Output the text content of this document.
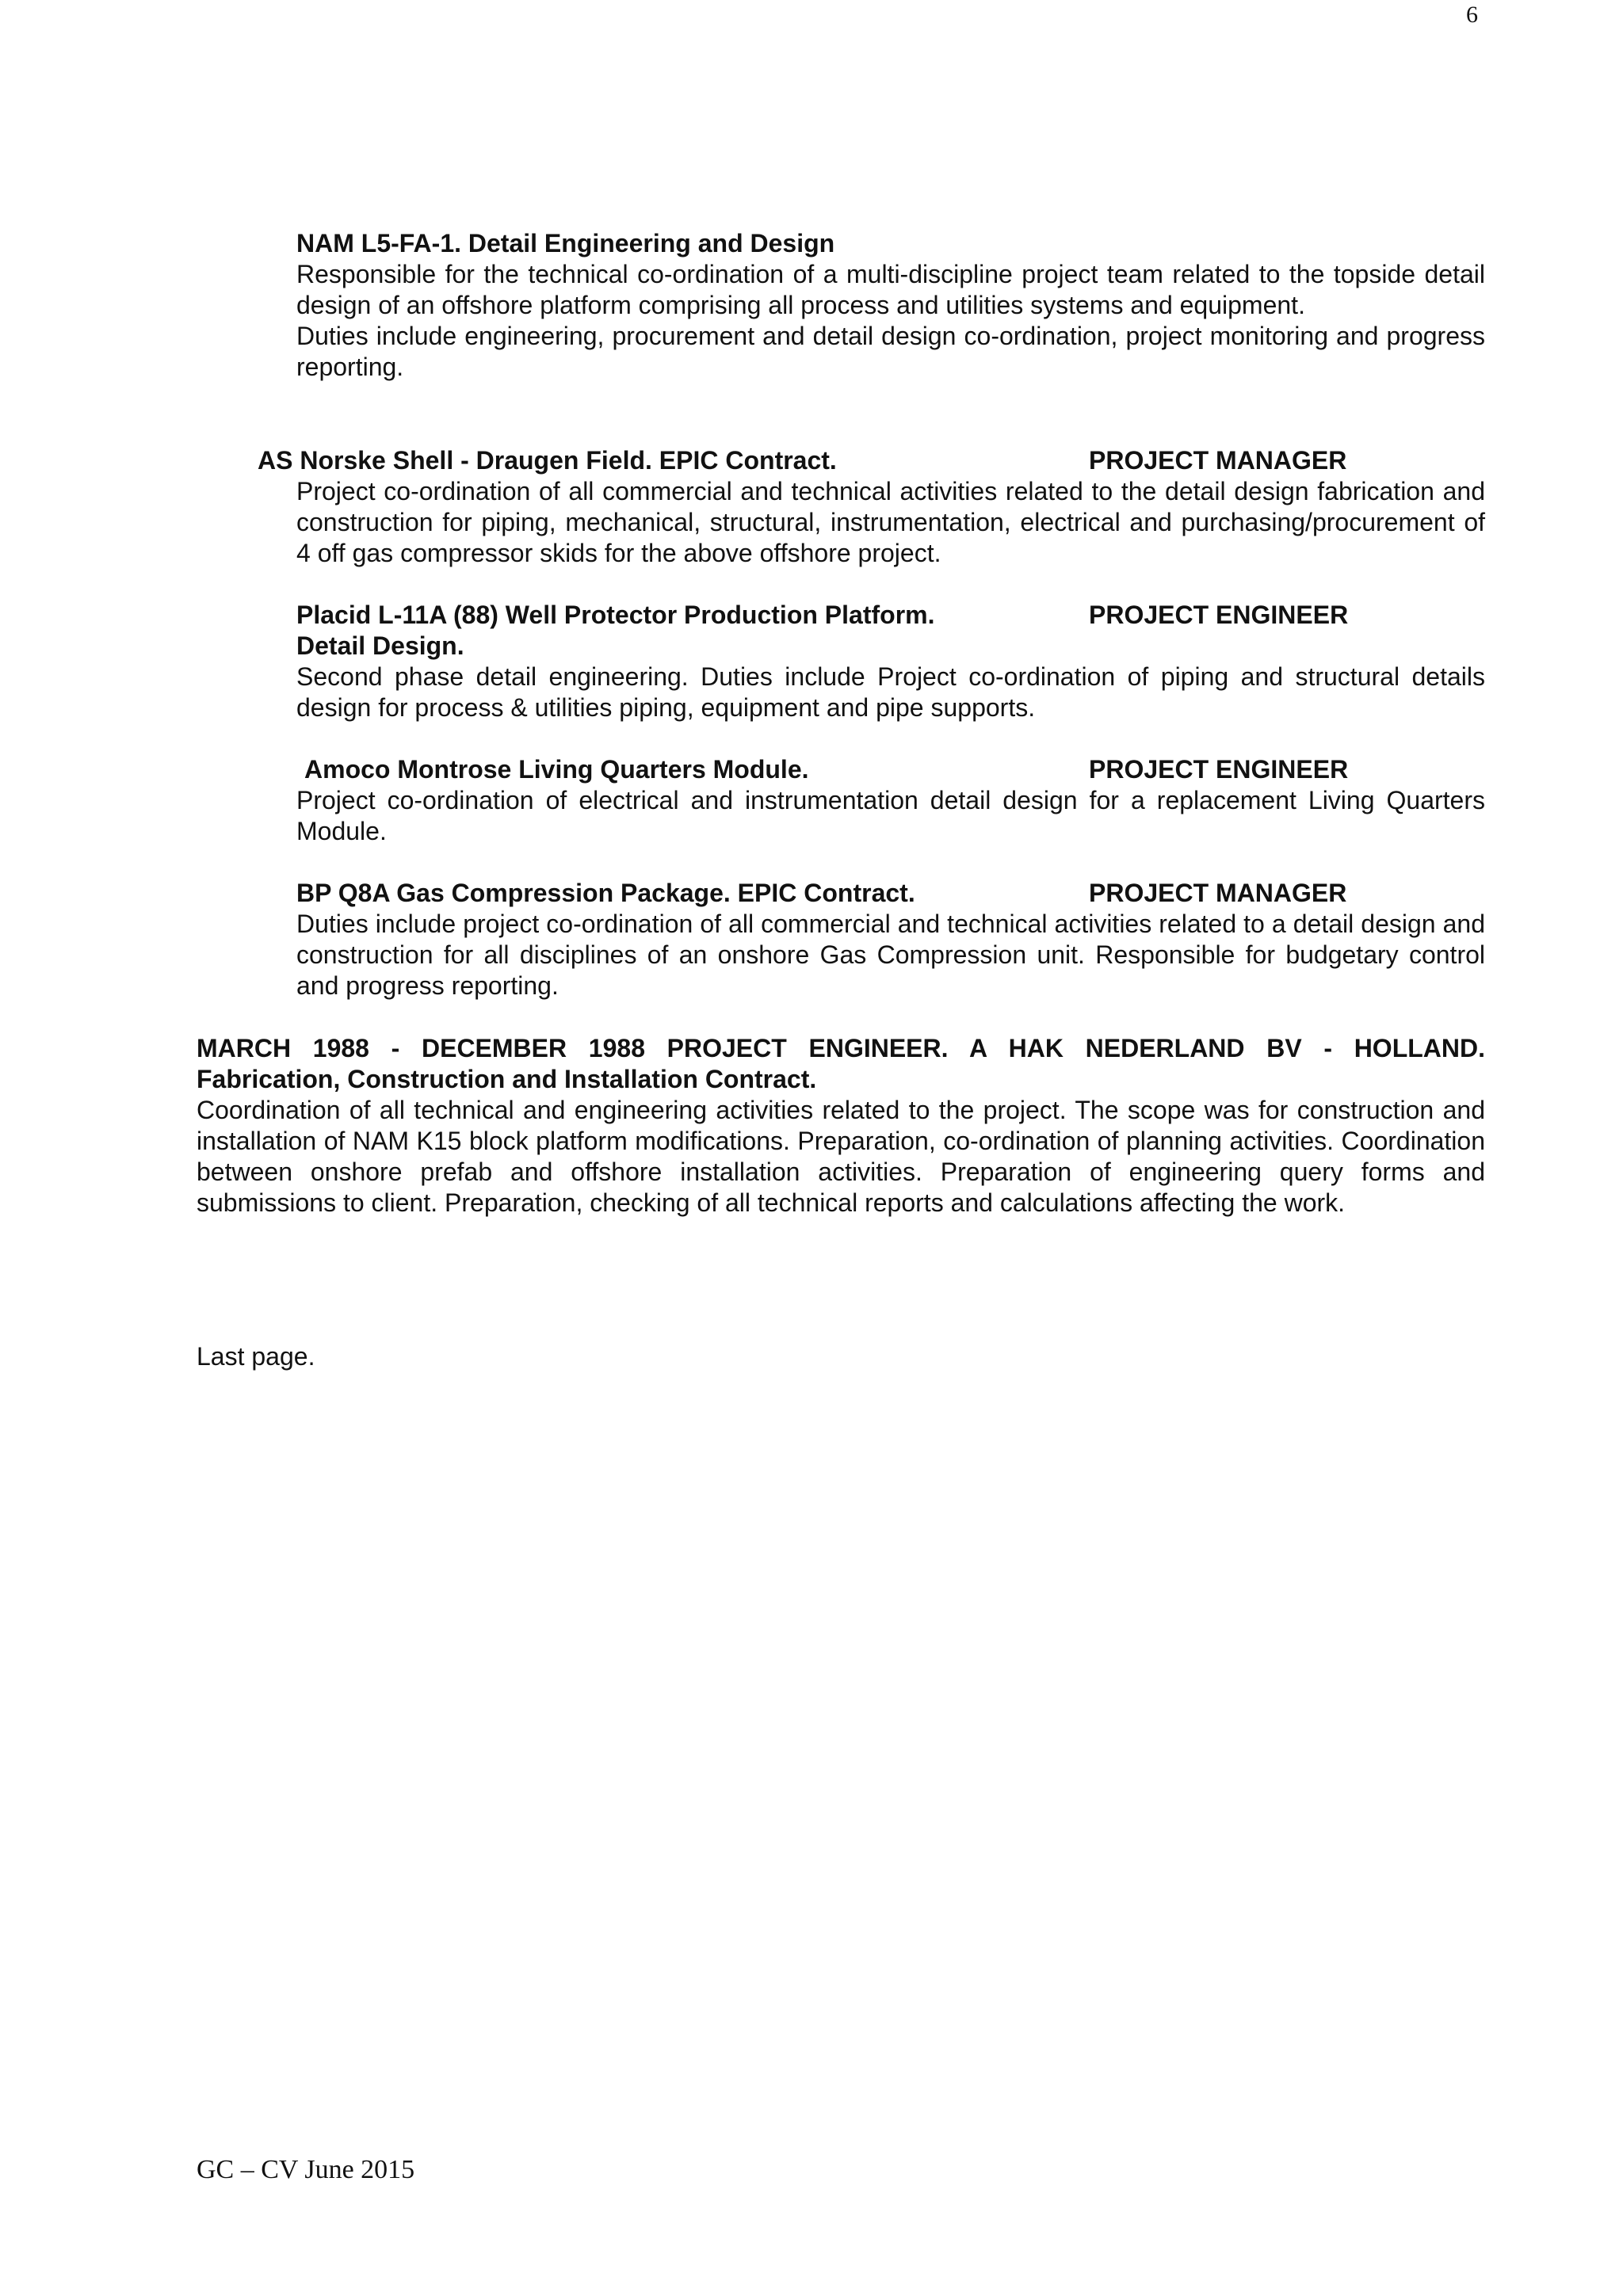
6
NAM L5-FA-1. Detail Engineering and Design
Responsible for the technical co-ordination of a multi-discipline project team related to the topside detail design of an offshore platform comprising all process and utilities systems and equipment.
Duties include engineering, procurement and detail design co-ordination, project monitoring and progress reporting.
AS Norske Shell - Draugen Field. EPIC Contract.	PROJECT MANAGER
Project co-ordination of all commercial and technical activities related to the detail design fabrication and construction for piping, mechanical, structural, instrumentation, electrical and purchasing/procurement of 4 off gas compressor skids for the above offshore project.
Placid L-11A (88) Well Protector Production Platform.	PROJECT ENGINEER
Detail Design.
Second phase detail engineering. Duties include Project co-ordination of piping and structural details design for process & utilities piping, equipment and pipe supports.
Amoco Montrose Living Quarters Module.	PROJECT ENGINEER
Project co-ordination of electrical and instrumentation detail design for a replacement Living Quarters Module.
BP Q8A Gas Compression Package. EPIC Contract.	PROJECT MANAGER
Duties include project co-ordination of all commercial and technical activities related to a detail design and construction for all disciplines of an onshore Gas Compression unit. Responsible for budgetary control and progress reporting.
MARCH 1988 - DECEMBER 1988 PROJECT ENGINEER. A HAK NEDERLAND BV - HOLLAND.
Fabrication, Construction and Installation Contract.
Coordination of all technical and engineering activities related to the project. The scope was for construction and installation of NAM K15 block platform modifications. Preparation, co-ordination of planning activities. Coordination between onshore prefab and offshore installation activities. Preparation of engineering query forms and submissions to client. Preparation, checking of all technical reports and calculations affecting the work.
Last page.
GC – CV June 2015
